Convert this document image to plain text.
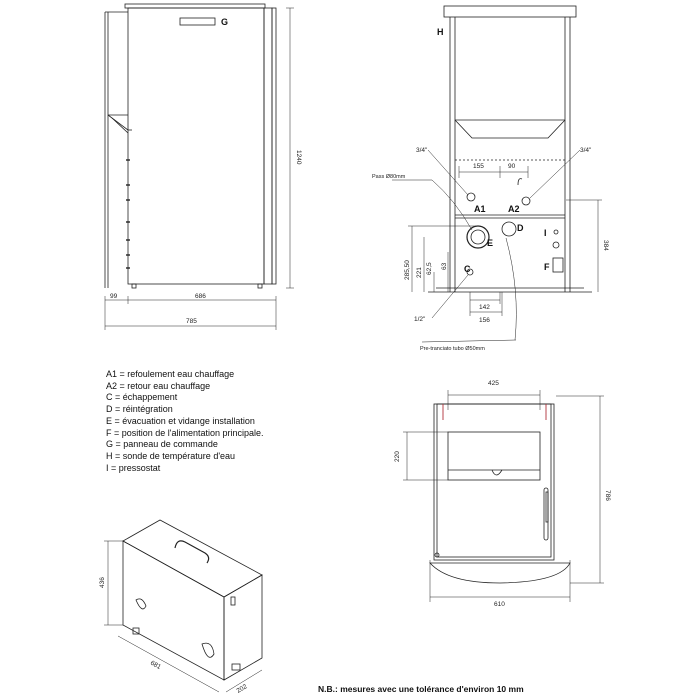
G
1240
99	686
785
H
A1 A2
E
D
C
I
F
155	90
3/4"	3/4"
Pass Ø80mm
384
285,50 221 62,5 63
142
156
1/2"
Pre-tranciato tubo Ø50mm
425
220
786
610
436
681
202
A1 = refoulement eau chauffage
A2 = retour eau chauffage
C = échappement
D = réintégration
E = évacuation et vidange installation
F = position de l'alimentation principale.
G = panneau de commande
H = sonde de température d'eau
I = pressostat
N.B.: mesures avec une tolérance d'environ 10 mm
